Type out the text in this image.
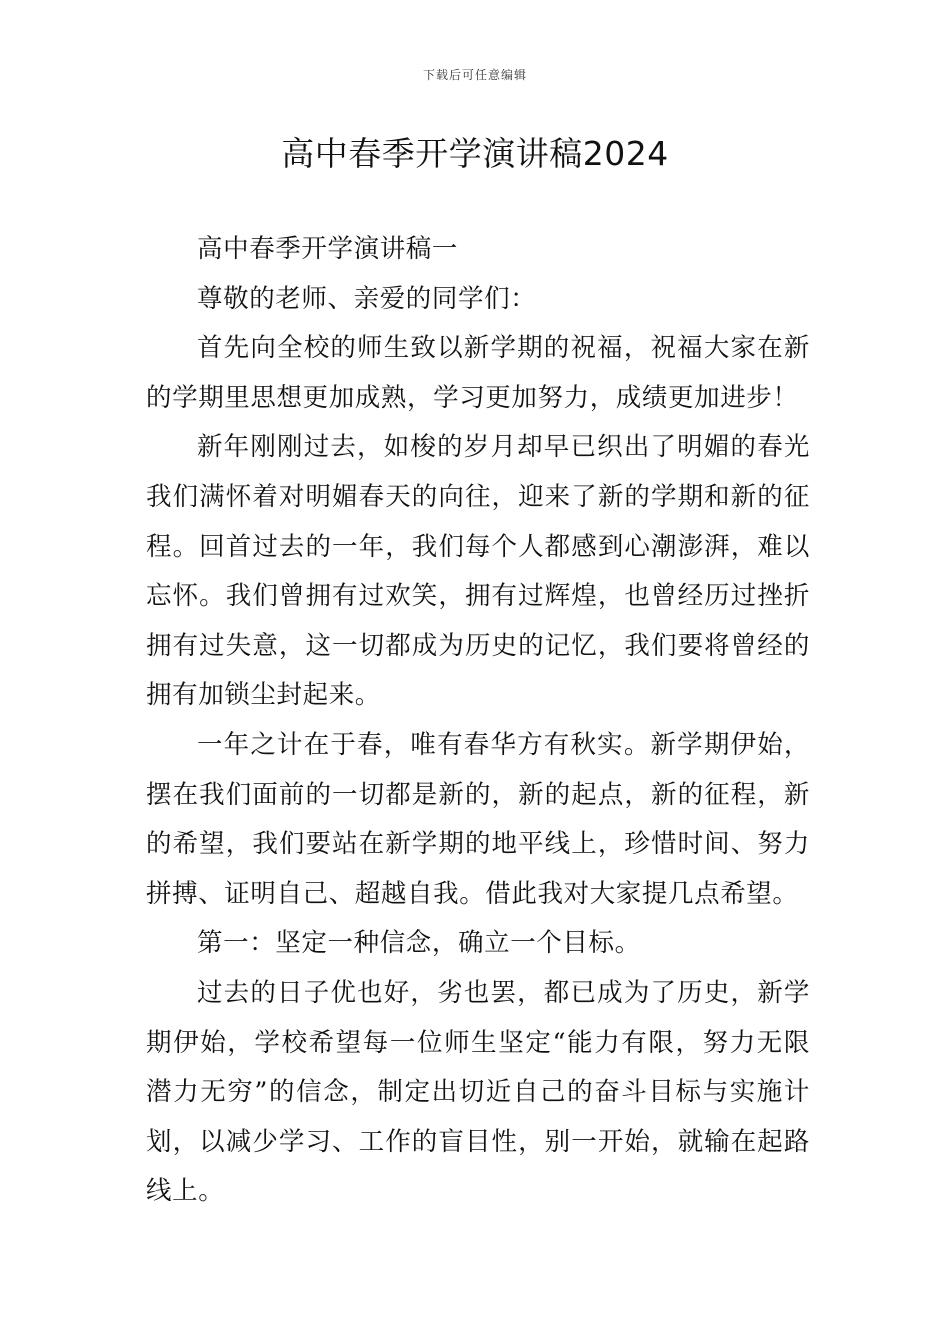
下载后可任意编辑
高中春季开学演讲稿2024

高中春季开学演讲稿一

尊敬的老师、亲爱的同学们：

首先向全校的师生致以新学期的祝福，祝福大家在新的学期里思想更加成熟，学习更加努力，成绩更加进步！

新年刚刚过去，如梭的岁月却早已织出了明媚的春光我们满怀着对明媚春天的向往，迎来了新的学期和新的征程。回首过去的一年，我们每个人都感到心潮澎湃，难以忘怀。我们曾拥有过欢笑，拥有过辉煌，也曾经历过挫折拥有过失意，这一切都成为历史的记忆，我们要将曾经的拥有加锁尘封起来。

一年之计在于春，唯有春华方有秋实。新学期伊始，摆在我们面前的一切都是新的，新的起点，新的征程，新的希望，我们要站在新学期的地平线上，珍惜时间、努力拼搏、证明自己、超越自我。借此我对大家提几点希望。

第一：坚定一种信念，确立一个目标。

过去的日子优也好，劣也罢，都已成为了历史，新学期伊始，学校希望每一位师生坚定“能力有限，努力无限潜力无穷”的信念，制定出切近自己的奋斗目标与实施计划，以减少学习、工作的盲目性，别一开始，就输在起路线上。
